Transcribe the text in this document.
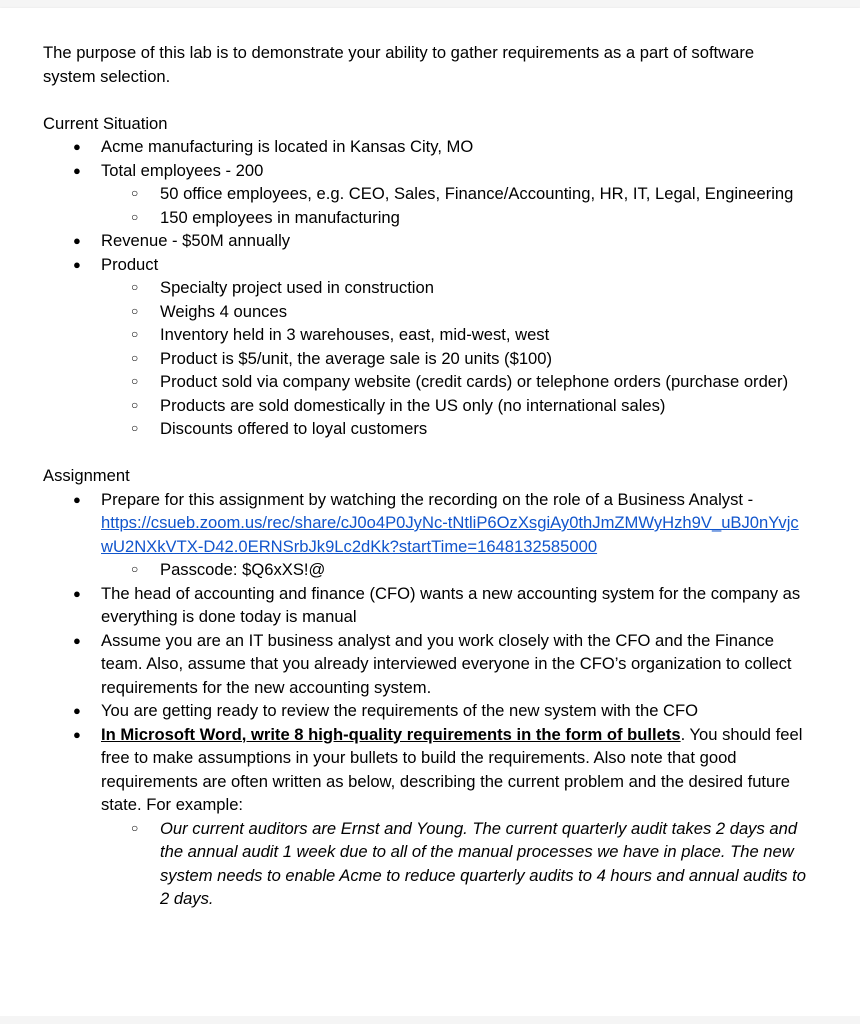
The purpose of this lab is to demonstrate your ability to gather requirements as a part of software system selection.

Current Situation

● Acme manufacturing is located in Kansas City, MO
● Total employees - 200
○ 50 office employees, e.g. CEO, Sales, Finance/Accounting, HR, IT, Legal, Engineering
○ 150 employees in manufacturing
● Revenue - $50M annually
● Product
○ Specialty project used in construction
○ Weighs 4 ounces
○ Inventory held in 3 warehouses, east, mid-west, west
○ Product is $5/unit, the average sale is 20 units ($100)
○ Product sold via company website (credit cards) or telephone orders (purchase order)
○ Products are sold domestically in the US only (no international sales)
○ Discounts offered to loyal customers

Assignment

● Prepare for this assignment by watching the recording on the role of a Business Analyst -
https://csueb.zoom.us/rec/share/cJ0o4P0JyNc-tNtliP6OzXsgiAy0thJmZMWyHzh9V_uBJ0nYvjcwU2NXkVTX-D42.0ERNSrbJk9Lc2dKk?startTime=1648132585000
○ Passcode: $Q6xXS!@
● The head of accounting and finance (CFO) wants a new accounting system for the company as everything is done today is manual
● Assume you are an IT business analyst and you work closely with the CFO and the Finance team. Also, assume that you already interviewed everyone in the CFO’s organization to collect requirements for the new accounting system.
● You are getting ready to review the requirements of the new system with the CFO
● In Microsoft Word, write 8 high-quality requirements in the form of bullets. You should feel free to make assumptions in your bullets to build the requirements. Also note that good requirements are often written as below, describing the current problem and the desired future state. For example:
○ Our current auditors are Ernst and Young. The current quarterly audit takes 2 days and the annual audit 1 week due to all of the manual processes we have in place. The new system needs to enable Acme to reduce quarterly audits to 4 hours and annual audits to 2 days.
